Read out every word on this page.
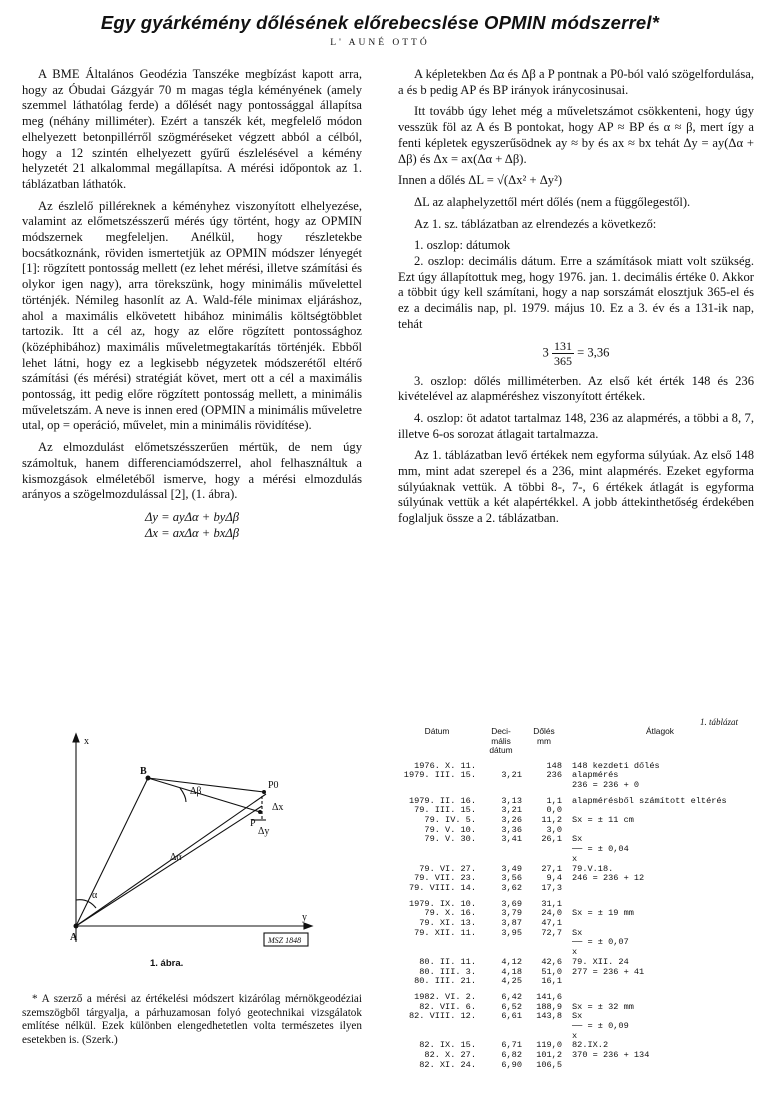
Egy gyárkémény dőlésének előrebecslése OPMIN módszerrel*
L' AUNÉ OTTÓ

A BME Általános Geodézia Tanszéke megbízást kapott arra, hogy az Óbudai Gázgyár 70 m magas tégla kéményének (amely szemmel láthatólag ferde) a dőlését nagy pontossággal állapítsa meg (néhány milliméter). Ezért a tanszék két, megfelelő módon elhelyezett betonpillérről szögméréseket végzett abból a célból, hogy a 12 szintén elhelyezett gyűrű észlelésével a kémény helyzetét 21 alkalommal megállapítsa. A mérési időpontok az 1. táblázatban láthatók.

Az észlelő pilléreknek a kéményhez viszonyított elhelyezése, valamint az előmetszésszerű mérés úgy történt, hogy az OPMIN módszernek megfeleljen. Anélkül, hogy részletekbe bocsátkoznánk, röviden ismertetjük az OPMIN módszer lényegét [1]: rögzített pontosság mellett (ez lehet mérési, illetve számítási és olykor igen nagy), arra törekszünk, hogy minimális művelettel történjék. Némileg hasonlít az A. Wald-féle minimax eljáráshoz, ahol a maximális elkövetett hibához minimális költségtöbblet tartozik. Itt a cél az, hogy az előre rögzített pontossághoz (középhibához) maximális műveletmegtakarítás történjék. Ebből lehet látni, hogy ez a legkisebb négyzetek módszerétől eltérő számítási (és mérési) stratégiát követ, mert ott a cél a maximális pontosság, itt pedig előre rögzített pontosság mellett, a minimális műveletszám. A neve is innen ered (OPMIN a minimális műveletre utal, op = operáció, művelet, min a minimális rövidítése).

Az elmozdulást előmetszésszerűen mértük, de nem úgy számoltuk, hanem differenciamódszerrel, ahol felhasználtuk a kismozgások elméletéből ismerve, hogy a mérési elmozdulás arányos a szögelmozdulással [2], (1. ábra).

Δy = ayΔα + byΔβ
Δx = axΔα + bxΔβ

A képletekben Δα és Δβ a P pontnak a P0-ból való szögelfordulása, a és b pedig AP és BP irányok iránycosinusai.

Itt tovább úgy lehet még a műveletszámot csökkenteni, hogy úgy vesszük föl az A és B pontokat, hogy AP ≈ BP és α ≈ β, mert így a fenti képletek egyszerűsödnek ay ≈ by és ax ≈ bx tehát Δy = ay(Δα + Δβ) és Δx = ax(Δα + Δβ).

Innen a dőlés ΔL = √(Δx² + Δy²)

ΔL az alaphelyzettől mért dőlés (nem a függőlegestől).

Az 1. sz. táblázatban az elrendezés a következő:

1. oszlop: dátumok

2. oszlop: decimális dátum. Erre a számítások miatt volt szükség. Ezt úgy állapítottuk meg, hogy 1976. jan. 1. decimális értéke 0. Akkor a többit úgy kell számítani, hogy a nap sorszámát elosztjuk 365-el és ez a decimális nap, pl. 1979. május 10. Ez a 3. év és a 131-ik nap, tehát

$3 \frac{131}{365} = 3,36$

3. oszlop: dőlés milliméterben. Az első két érték 148 és 236 kivételével az alapméréshez viszonyított értékek.

4. oszlop: öt adatot tartalmaz 148, 236 az alapmérés, a többi a 8, 7, illetve 6-os sorozat átlagait tartalmazza.

Az 1. táblázatban levő értékek nem egyforma súlyúak. Az első 148 mm, mint adat szerepel és a 236, mint alapmérés. Ezeket egyforma súlyúaknak vettük. A többi 8-, 7-, 6 értékek átlagát is egyforma súlyúnak vettük a két alapértékkel. A jobb áttekinthetőség érdekében foglaljuk össze a 2. táblázatban.

x
y
A
B
P0
P
Δα
Δβ
Δx
Δy
α
MSZ 1848
1. ábra.

* A szerző a mérési az értékelési módszert kizárólag mérnökgeodéziai szemszögből tárgyalja, a párhuzamosan folyó geotechnikai vizsgálatok említése nélkül. Ezek különben elengedhetetlen volta természetes ilyen esetekben is. (Szerk.)

1. táblázat
Dátum	Deci-
mális
dátum	Dőlés
mm	Átlagok
1976. X. 11.		148	148 kezdeti dőlés
1979. III. 15.	3,21	236	alapmérés
			236 = 236 + 0

1979. II. 16.	3,13	1,1	alapmérésből számított eltérés
79. III. 15.	3,21	0,0	
79. IV. 5.	3,26	11,2	Sx = ± 11 cm
79. V. 10.	3,36	3,0	
79. V. 30.	3,41	26,1	Sx
			── = ± 0,04
			x
79. VI. 27.	3,49	27,1	79.V.18.
79. VII. 23.	3,56	9,4	246 = 236 + 12
79. VIII. 14.	3,62	17,3	

1979. IX. 10.	3,69	31,1	
79. X. 16.	3,79	24,0	Sx = ± 19 mm
79. XI. 13.	3,87	47,1	
79. XII. 11.	3,95	72,7	Sx
			── = ± 0,07
			x
80. II. 11.	4,12	42,6	79. XII. 24
80. III. 3.	4,18	51,0	277 = 236 + 41
80. III. 21.	4,25	16,1	

1982. VI. 2.	6,42	141,6	
82. VII. 6.	6,52	188,9	Sx = ± 32 mm
82. VIII. 12.	6,61	143,8	Sx
			── = ± 0,09
			x
82. IX. 15.	6,71	119,0	82.IX.2
82. X. 27.	6,82	101,2	370 = 236 + 134
82. XI. 24.	6,90	106,5	
